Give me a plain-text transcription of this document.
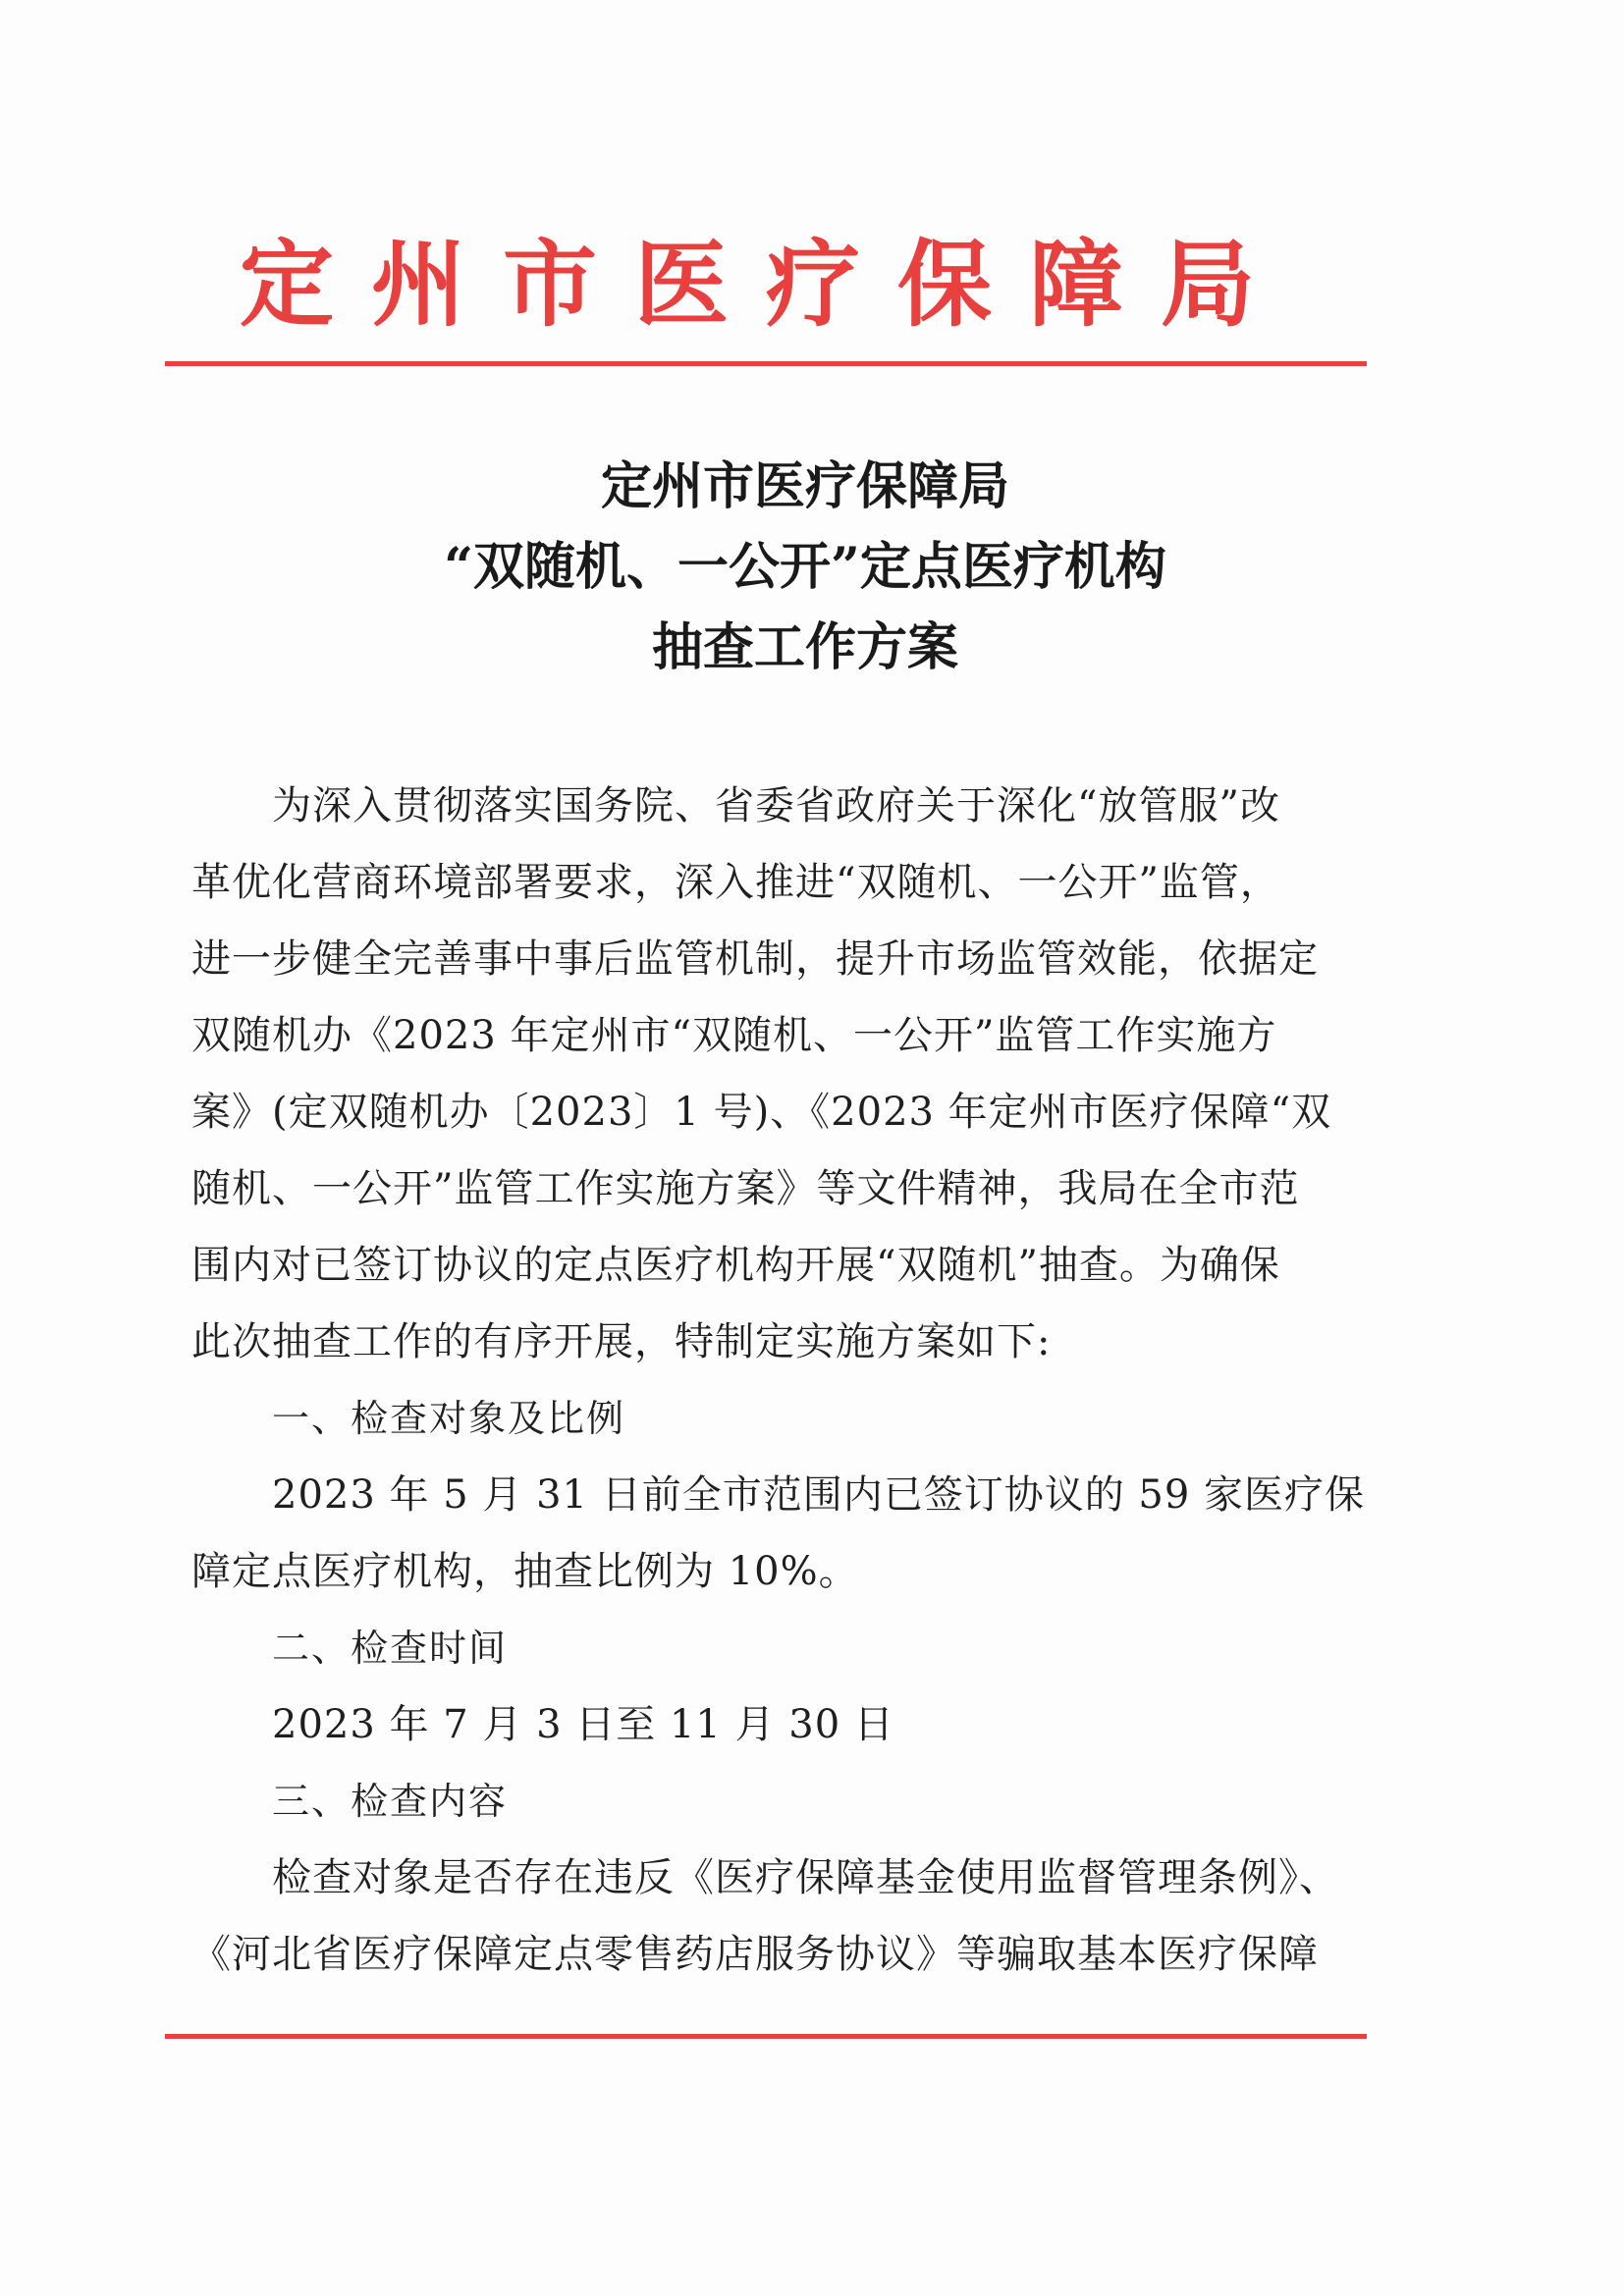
定州市医疗保障局
定州市医疗保障局
“双随机、一公开”定点医疗机构
抽查工作方案

为深入贯彻落实国务院、省委省政府关于深化“放管服”改

革优化营商环境部署要求，深入推进“双随机、一公开”监管，

进一步健全完善事中事后监管机制，提升市场监管效能，依据定

双随机办《2023 年定州市“双随机、一公开”监管工作实施方

案》(定双随机办〔2023〕1 号)、《2023 年定州市医疗保障“双

随机、一公开”监管工作实施方案》等文件精神，我局在全市范

围内对已签订协议的定点医疗机构开展“双随机”抽查。为确保

此次抽查工作的有序开展，特制定实施方案如下:

一、检查对象及比例

2023 年 5 月 31 日前全市范围内已签订协议的 59 家医疗保

障定点医疗机构，抽查比例为 10%。

二、检查时间

2023 年 7 月 3 日至 11 月 30 日

三、检查内容

检查对象是否存在违反《医疗保障基金使用监督管理条例》、

《河北省医疗保障定点零售药店服务协议》等骗取基本医疗保障
